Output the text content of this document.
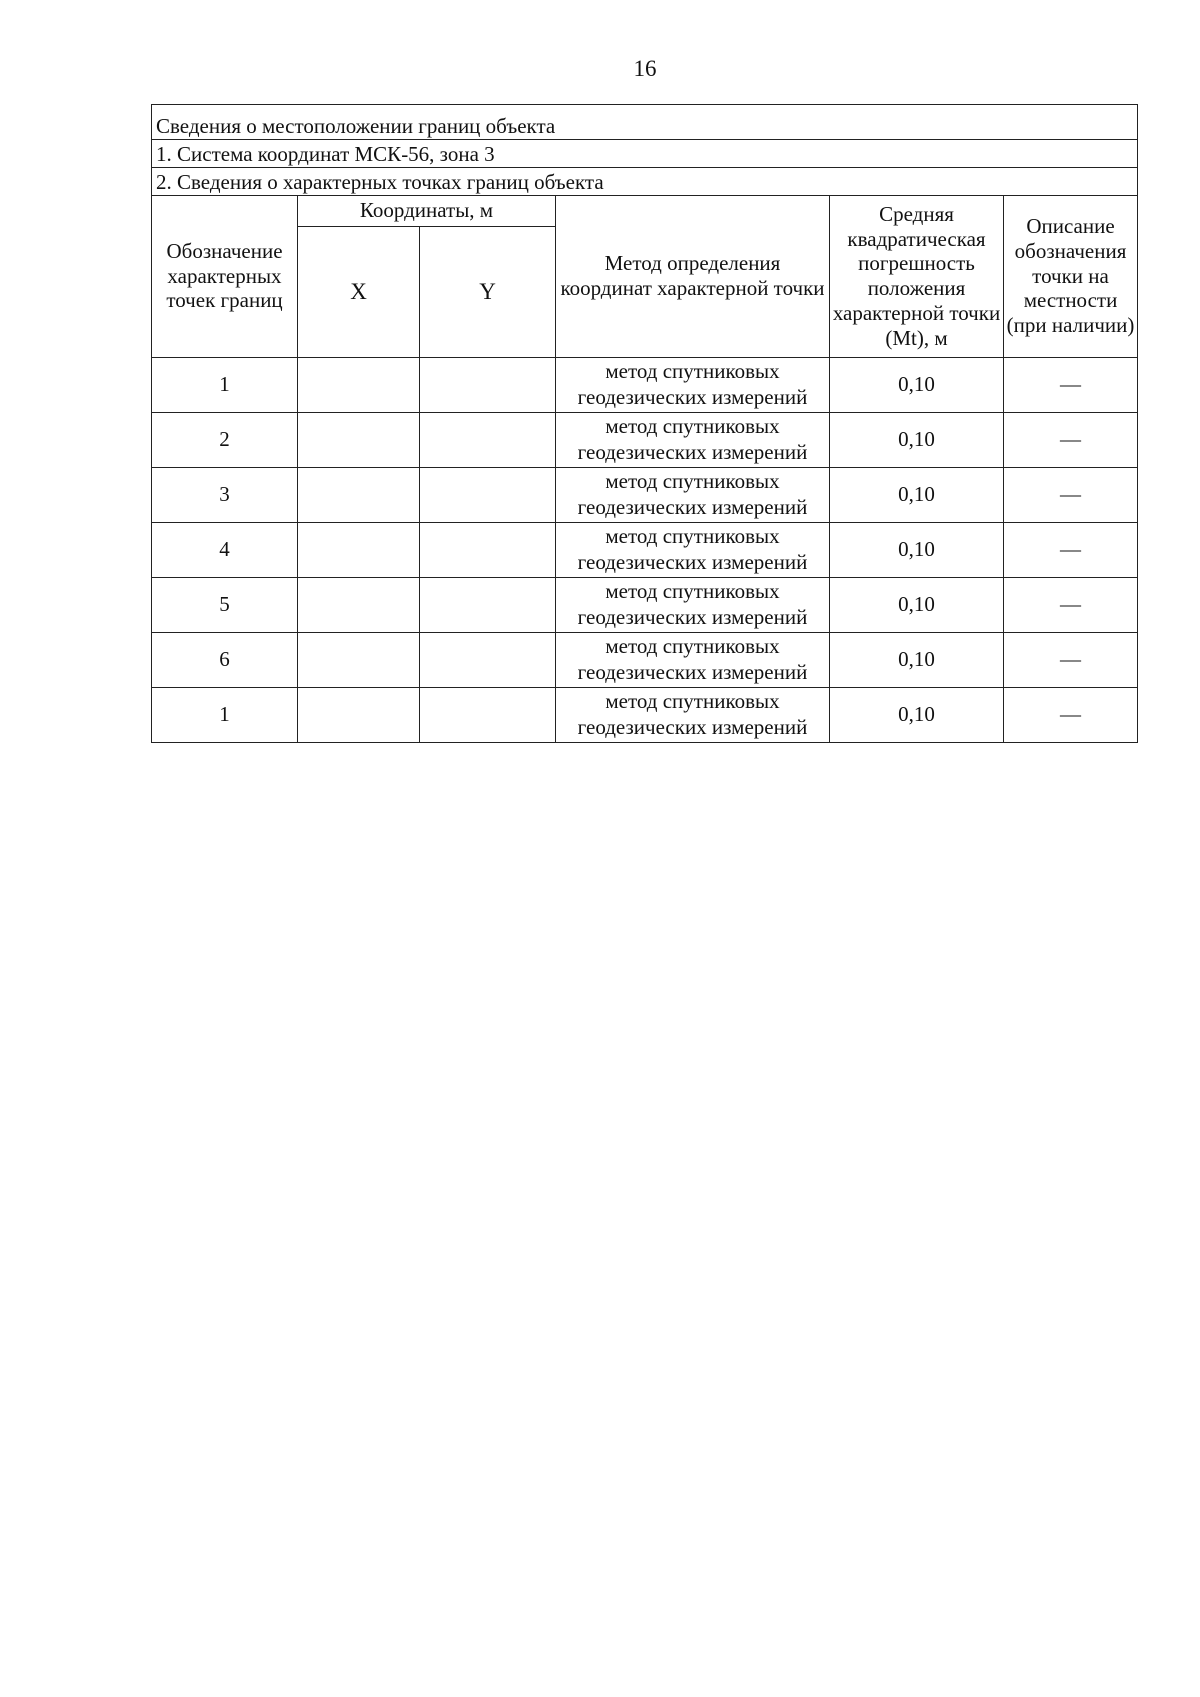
16
Сведения о местоположении границ объекта					
1. Система координат МСК-56, зона 3					
2. Сведения о характерных точках границ объекта					
Обозначение характерных точек границ	Координаты, м		Метод определения координат характерной точки	Средняя квадратическая погрешность положения характерной точки (Mt), м	Описание обозначения точки на местности (при наличии)
	X	Y			
1			метод спутниковых геодезических измерений	0,10	—
2			метод спутниковых геодезических измерений	0,10	—
3			метод спутниковых геодезических измерений	0,10	—
4			метод спутниковых геодезических измерений	0,10	—
5			метод спутниковых геодезических измерений	0,10	—
6			метод спутниковых геодезических измерений	0,10	—
1			метод спутниковых геодезических измерений	0,10	—
